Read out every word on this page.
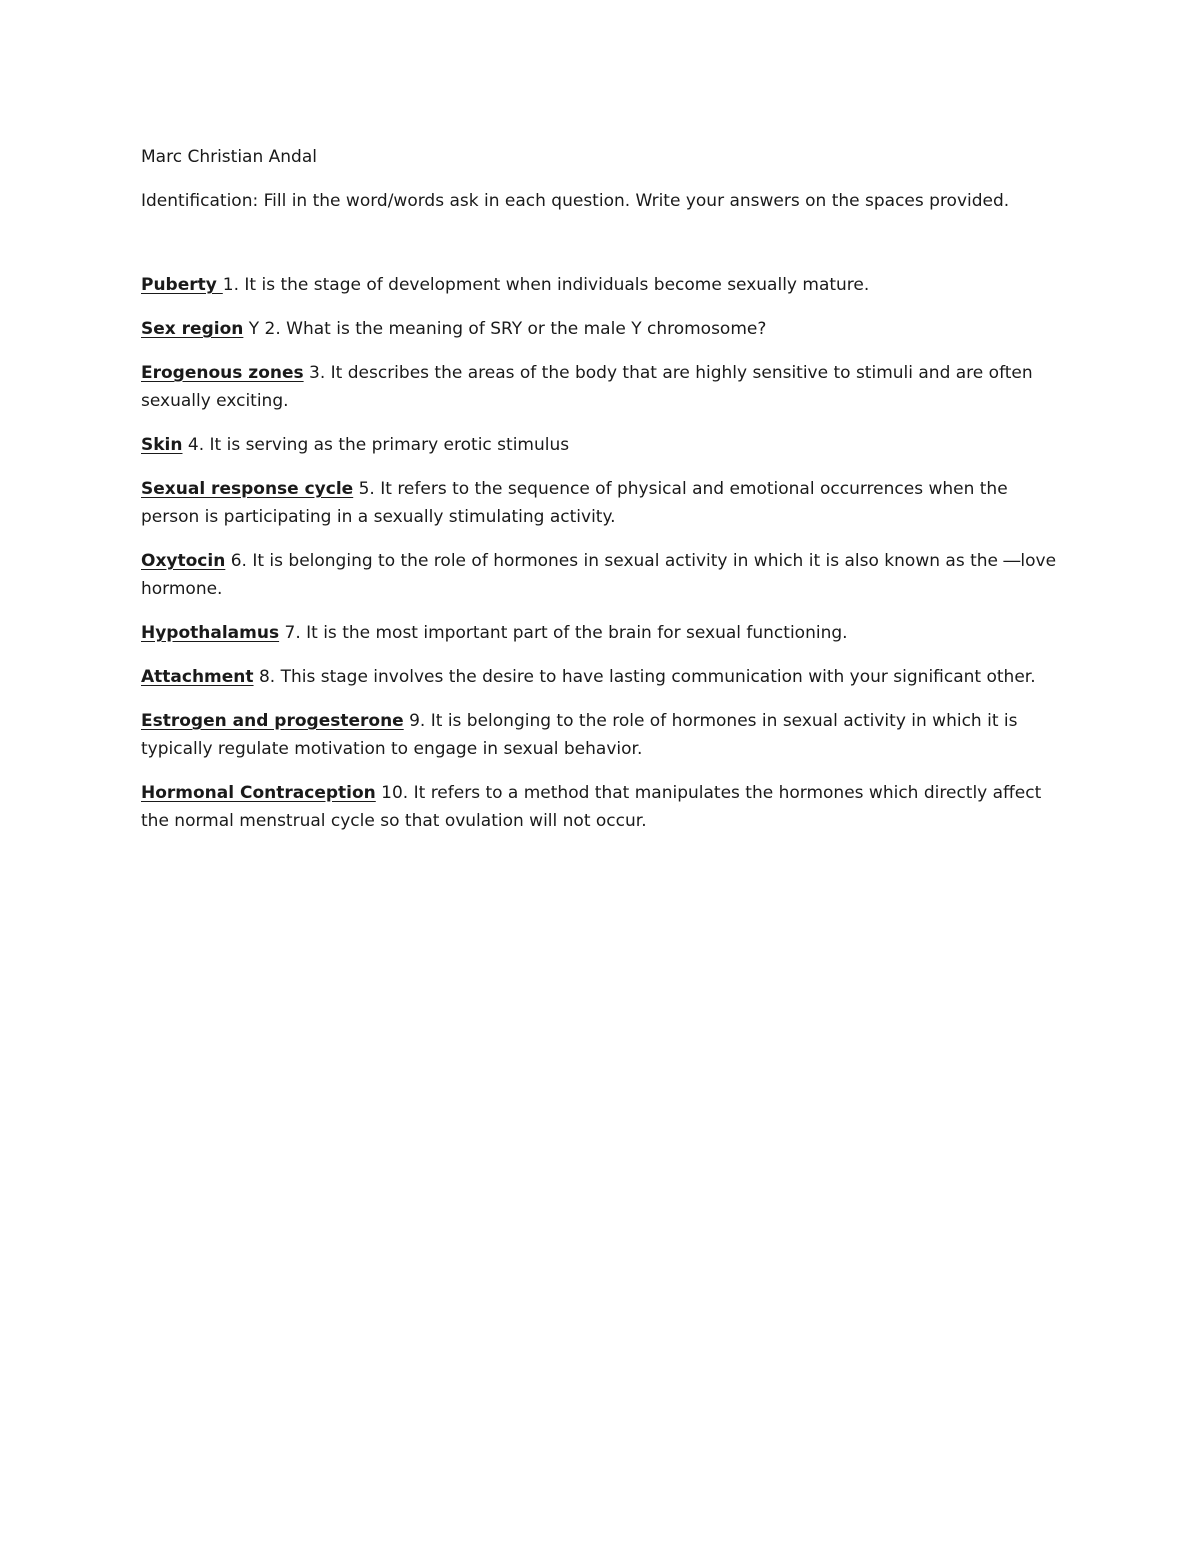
Marc Christian Andal

Identification: Fill in the word/words ask in each question. Write your answers on the spaces provided.

Puberty 1. It is the stage of development when individuals become sexually mature.

Sex region Y 2. What is the meaning of SRY or the male Y chromosome?

Erogenous zones 3. It describes the areas of the body that are highly sensitive to stimuli and are often sexually exciting.

Skin 4. It is serving as the primary erotic stimulus

Sexual response cycle 5. It refers to the sequence of physical and emotional occurrences when the person is participating in a sexually stimulating activity.

Oxytocin 6. It is belonging to the role of hormones in sexual activity in which it is also known as the ―love hormone.

Hypothalamus 7. It is the most important part of the brain for sexual functioning.

Attachment 8. This stage involves the desire to have lasting communication with your significant other.

Estrogen and progesterone 9. It is belonging to the role of hormones in sexual activity in which it is typically regulate motivation to engage in sexual behavior.

Hormonal Contraception 10. It refers to a method that manipulates the hormones which directly affect the normal menstrual cycle so that ovulation will not occur.
